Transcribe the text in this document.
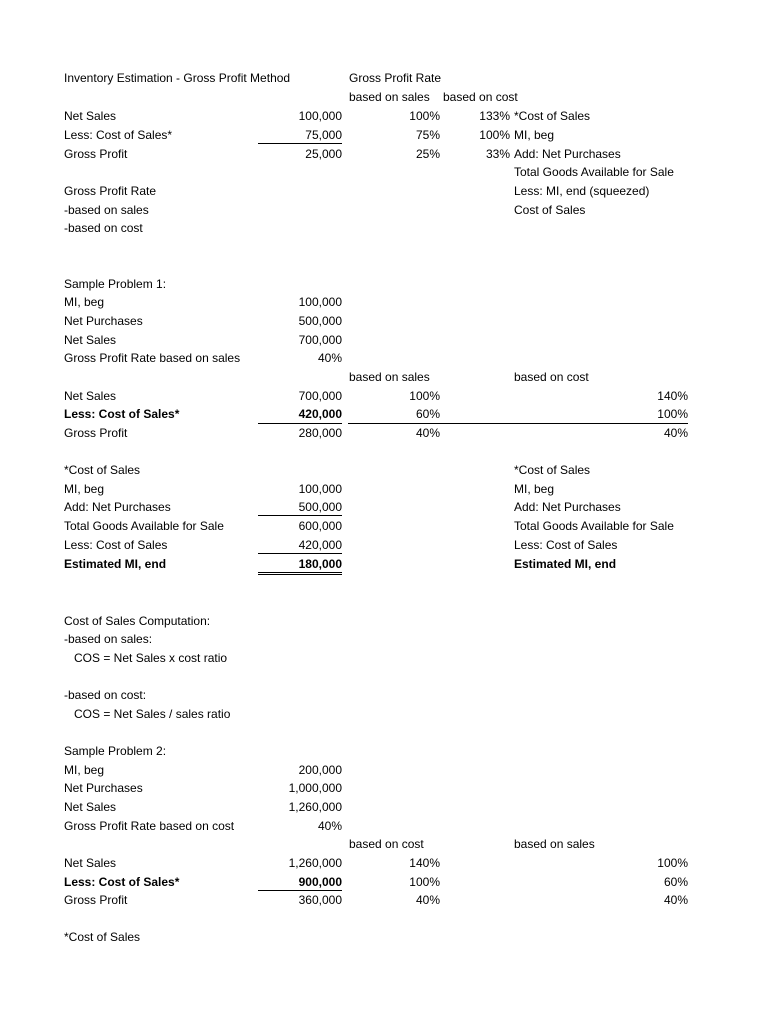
Inventory Estimation - Gross Profit Method	Gross Profit Rate
based on sales based on cost
Net Sales	100,000	100%	133%
Less: Cost of Sales*	75,000	75%	100%
Gross Profit	25,000	25%	33%
*Cost of Sales
MI, beg
Add: Net Purchases
Total Goods Available for Sale
Less: MI, end (squeezed)
Cost of Sales
Gross Profit Rate
-based on sales
-based on cost
Sample Problem 1:
MI, beg	100,000
Net Purchases	500,000
Net Sales	700,000
Gross Profit Rate based on sales	40%
based on sales	based on cost
Net Sales	700,000	100%	140%
Less: Cost of Sales*	420,000	60%	100%
Gross Profit	280,000	40%	40%
*Cost of Sales
MI, beg	100,000
Add: Net Purchases	500,000
Total Goods Available for Sale	600,000
Less: Cost of Sales	420,000
Estimated MI, end	180,000
*Cost of Sales
MI, beg
Add: Net Purchases
Total Goods Available for Sale
Less: Cost of Sales
Estimated MI, end
Cost of Sales Computation:
-based on sales:
COS = Net Sales x cost ratio
-based on cost:
COS = Net Sales / sales ratio
Sample Problem 2:
MI, beg	200,000
Net Purchases	1,000,000
Net Sales	1,260,000
Gross Profit Rate based on cost	40%
based on cost	based on sales
Net Sales	1,260,000	140%	100%
Less: Cost of Sales*	900,000	100%	60%
Gross Profit	360,000	40%	40%
*Cost of Sales
